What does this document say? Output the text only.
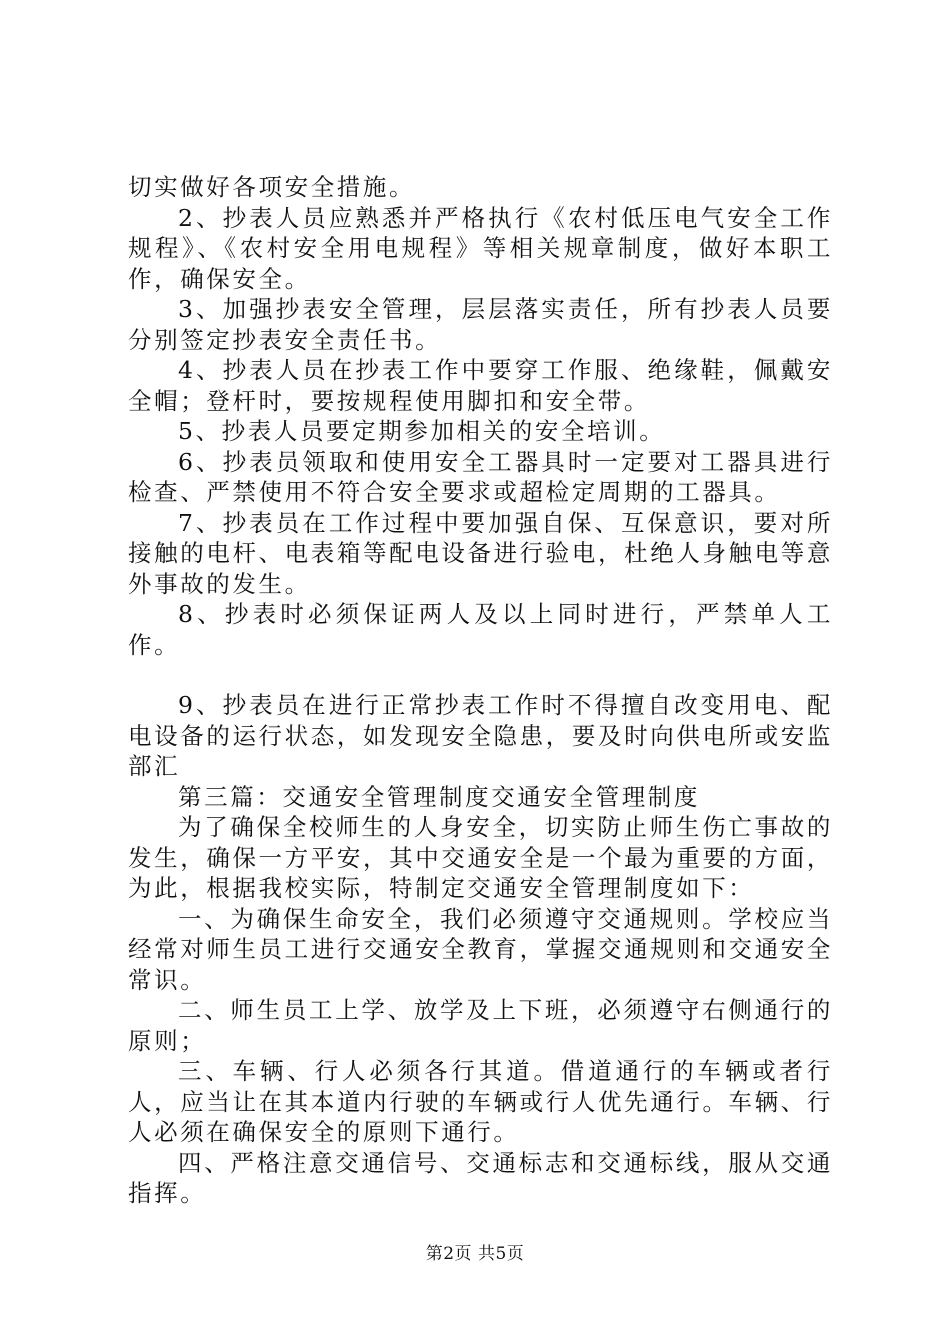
切实做好各项安全措施。

2、抄表人员应熟悉并严格执行《农村低压电气安全工作规程》、《农村安全用电规程》等相关规章制度，做好本职工作，确保安全。

3、加强抄表安全管理，层层落实责任，所有抄表人员要分别签定抄表安全责任书。

4、抄表人员在抄表工作中要穿工作服、绝缘鞋，佩戴安全帽；登杆时，要按规程使用脚扣和安全带。

5、抄表人员要定期参加相关的安全培训。

6、抄表员领取和使用安全工器具时一定要对工器具进行检查、严禁使用不符合安全要求或超检定周期的工器具。

7、抄表员在工作过程中要加强自保、互保意识，要对所接触的电杆、电表箱等配电设备进行验电，杜绝人身触电等意外事故的发生。

8、抄表时必须保证两人及以上同时进行，严禁单人工作。

9、抄表员在进行正常抄表工作时不得擅自改变用电、配电设备的运行状态，如发现安全隐患，要及时向供电所或安监部汇

第三篇：交通安全管理制度交通安全管理制度

为了确保全校师生的人身安全，切实防止师生伤亡事故的发生，确保一方平安，其中交通安全是一个最为重要的方面，为此，根据我校实际，特制定交通安全管理制度如下：

一、为确保生命安全，我们必须遵守交通规则。学校应当经常对师生员工进行交通安全教育，掌握交通规则和交通安全常识。

二、师生员工上学、放学及上下班，必须遵守右侧通行的原则；

三、车辆、行人必须各行其道。借道通行的车辆或者行人，应当让在其本道内行驶的车辆或行人优先通行。车辆、行人必须在确保安全的原则下通行。

四、严格注意交通信号、交通标志和交通标线，服从交通指挥。

第2页 共5页
